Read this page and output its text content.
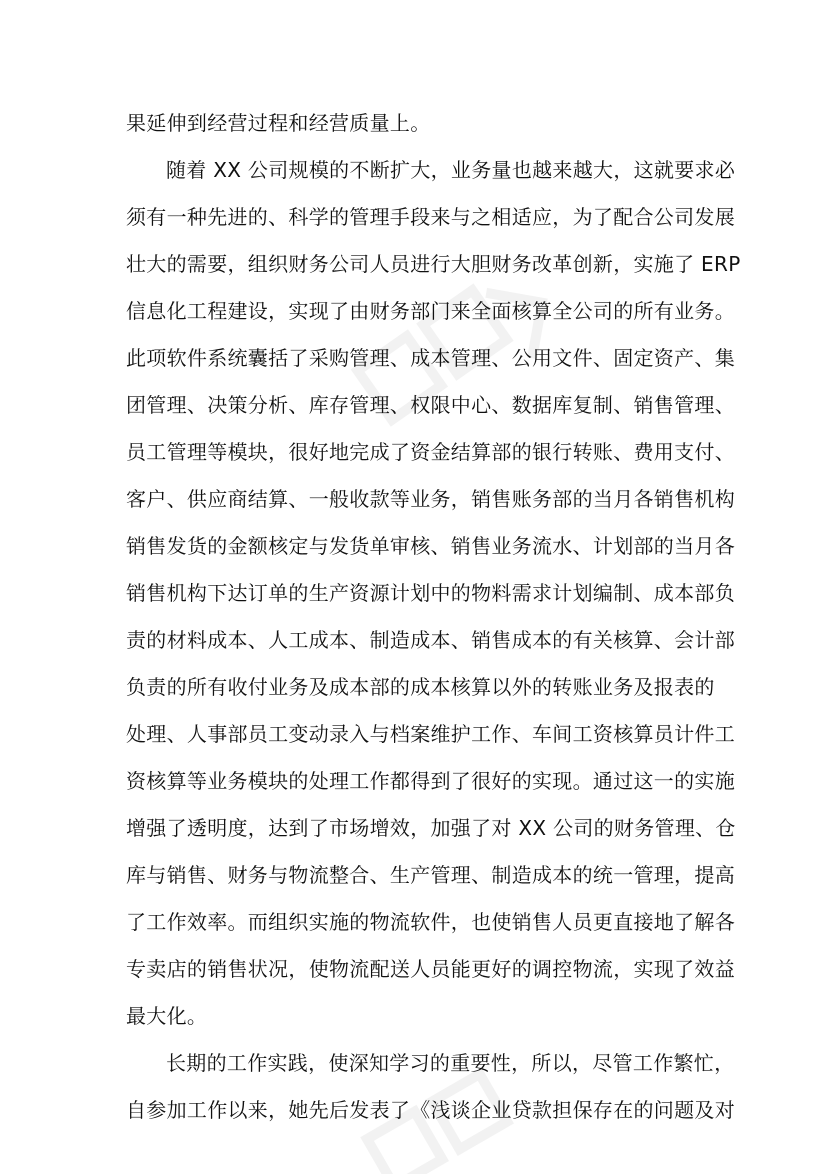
果延伸到经营过程和经营质量上。
随着 XX 公司规模的不断扩大，业务量也越来越大，这就要求必
须有一种先进的、科学的管理手段来与之相适应，为了配合公司发展
壮大的需要，组织财务公司人员进行大胆财务改革创新，实施了 ERP
信息化工程建设，实现了由财务部门来全面核算全公司的所有业务。
此项软件系统囊括了采购管理、成本管理、公用文件、固定资产、集
团管理、决策分析、库存管理、权限中心、数据库复制、销售管理、
员工管理等模块，很好地完成了资金结算部的银行转账、费用支付、
客户、供应商结算、一般收款等业务，销售账务部的当月各销售机构
销售发货的金额核定与发货单审核、销售业务流水、计划部的当月各
销售机构下达订单的生产资源计划中的物料需求计划编制、成本部负
责的材料成本、人工成本、制造成本、销售成本的有关核算、会计部
负责的所有收付业务及成本部的成本核算以外的转账业务及报表的
处理、人事部员工变动录入与档案维护工作、车间工资核算员计件工
资核算等业务模块的处理工作都得到了很好的实现。通过这一的实施
增强了透明度，达到了市场增效，加强了对 XX 公司的财务管理、仓
库与销售、财务与物流整合、生产管理、制造成本的统一管理，提高
了工作效率。而组织实施的物流软件，也使销售人员更直接地了解各
专卖店的销售状况，使物流配送人员能更好的调控物流，实现了效益
最大化。
长期的工作实践，使深知学习的重要性，所以，尽管工作繁忙，
自参加工作以来，她先后发表了《浅谈企业贷款担保存在的问题及对
